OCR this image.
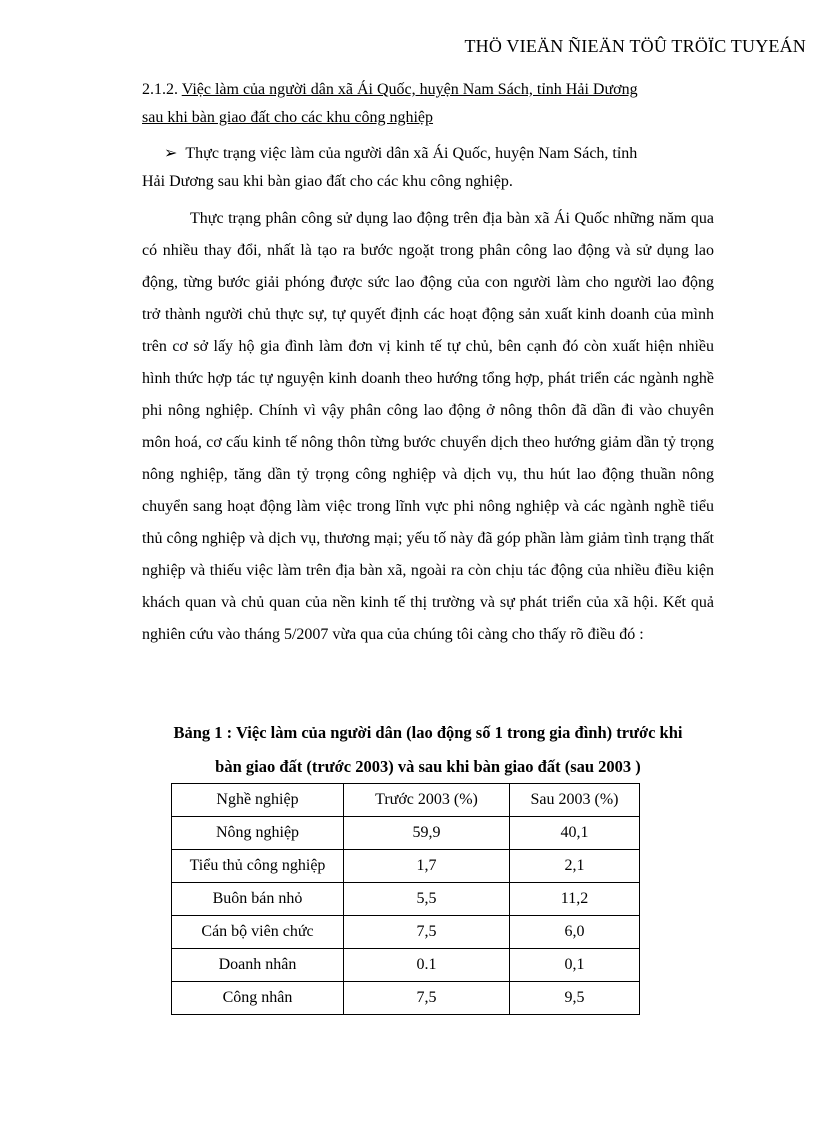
THÖ VIEÄN ÑIEÄN TÖÛ TRÖÏC TUYEÁN
2.1.2. Việc làm của người dân xã Ái Quốc, huyện Nam Sách, tỉnh Hải Dương
sau khi bàn giao đất cho các khu công nghiệp
➢ Thực trạng việc làm của người dân xã Ái Quốc, huyện Nam Sách, tỉnh
Hải Dương sau khi bàn giao đất cho các khu công nghiệp.
Thực trạng phân công sử dụng lao động trên địa bàn xã Ái Quốc những năm qua có nhiều thay đổi, nhất là tạo ra bước ngoặt trong phân công lao động và sử dụng lao động, từng bước giải phóng được sức lao động của con người làm cho người lao động trở thành người chủ thực sự, tự quyết định các hoạt động sản xuất kinh doanh của mình trên cơ sở lấy hộ gia đình làm đơn vị kinh tế tự chủ, bên cạnh đó còn xuất hiện nhiều hình thức hợp tác tự nguyện kinh doanh theo hướng tổng hợp, phát triển các ngành nghề phi nông nghiệp. Chính vì vậy phân công lao động ở nông thôn đã dần đi vào chuyên môn hoá, cơ cấu kinh tế nông thôn từng bước chuyển dịch theo hướng giảm dần tỷ trọng nông nghiệp, tăng dần tỷ trọng công nghiệp và dịch vụ, thu hút lao động thuần nông chuyển sang hoạt động làm việc trong lĩnh vực phi nông nghiệp và các ngành nghề tiểu thủ công nghiệp và dịch vụ, thương mại; yếu tố này đã góp phần làm giảm tình trạng thất nghiệp và thiếu việc làm trên địa bàn xã, ngoài ra còn chịu tác động của nhiều điều kiện khách quan và chủ quan của nền kinh tế thị trường và sự phát triển của xã hội. Kết quả nghiên cứu vào tháng 5/2007 vừa qua của chúng tôi càng cho thấy rõ điều đó :
Bảng 1 : Việc làm của người dân (lao động số 1 trong gia đình) trước khi
bàn giao đất (trước 2003) và sau khi bàn giao đất (sau 2003 )
Nghề nghiệp	Trước 2003 (%)	Sau 2003 (%)
Nông nghiệp	59,9	40,1
Tiểu thủ công nghiệp	1,7	2,1
Buôn bán nhỏ	5,5	11,2
Cán bộ viên chức	7,5	6,0
Doanh nhân	0.1	0,1
Công nhân	7,5	9,5
